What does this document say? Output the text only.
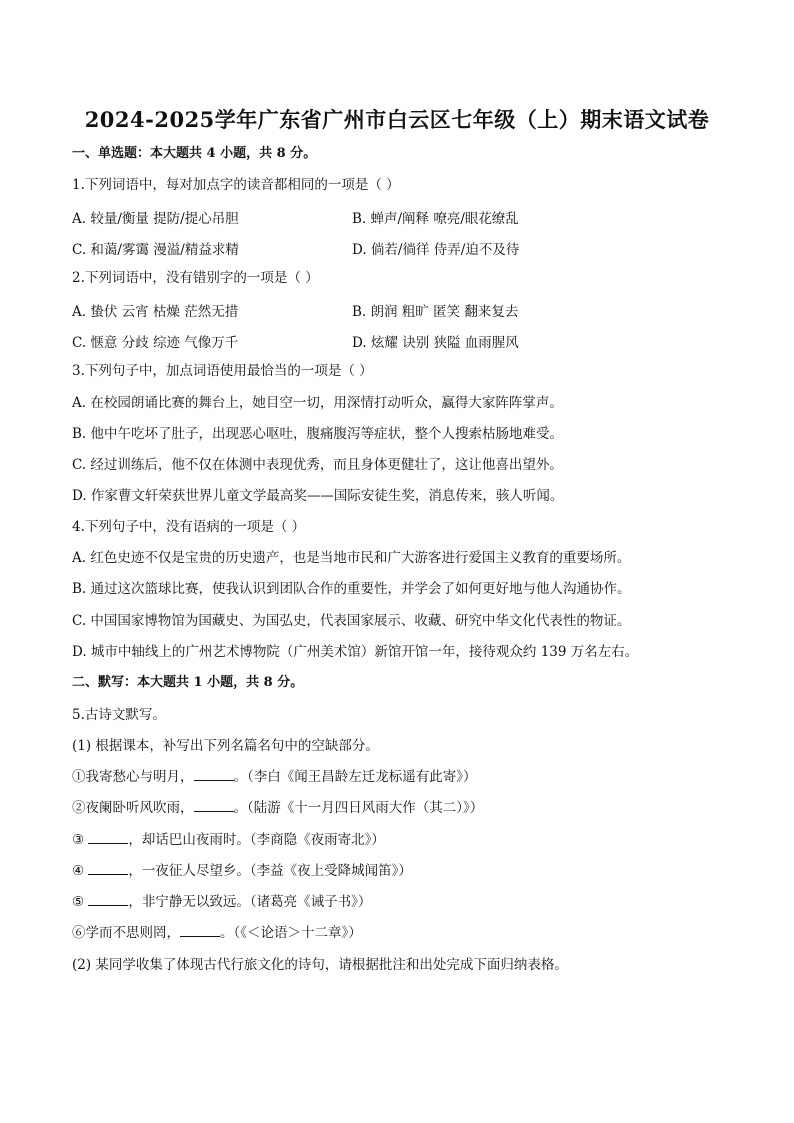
2024-2025学年广东省广州市白云区七年级（上）期末语文试卷
一、单选题：本大题共 4 小题，共 8 分。
1.下列词语中，每对加点字的读音都相同的一项是（ ）
A. 较量/衡量 提防/提心吊胆	B. 蝉声/阐释 嘹亮/眼花缭乱
C. 和蔼/雾霭 漫溢/精益求精	D. 倘若/徜徉 侍弄/迫不及待
2.下列词语中，没有错别字的一项是（ ）
A. 蛰伏 云宵 枯燥 茫然无措	B. 朗润 粗旷 匿笑 翻来复去
C. 惬意 分歧 综迹 气像万千	D. 炫耀 诀别 狭隘 血雨腥风
3.下列句子中，加点词语使用最恰当的一项是（ ）
A. 在校园朗诵比赛的舞台上，她目空一切，用深情打动听众，赢得大家阵阵掌声。
B. 他中午吃坏了肚子，出现恶心呕吐，腹痛腹泻等症状，整个人搜索枯肠地难受。
C. 经过训练后，他不仅在体测中表现优秀，而且身体更健壮了，这让他喜出望外。
D. 作家曹文轩荣获世界儿童文学最高奖——国际安徒生奖，消息传来，骇人听闻。
4.下列句子中，没有语病的一项是（ ）
A. 红色史迹不仅是宝贵的历史遗产，也是当地市民和广大游客进行爱国主义教育的重要场所。
B. 通过这次篮球比赛，使我认识到团队合作的重要性，并学会了如何更好地与他人沟通协作。
C. 中国国家博物馆为国藏史、为国弘史，代表国家展示、收藏、研究中华文化代表性的物证。
D. 城市中轴线上的广州艺术博物院（广州美术馆）新馆开馆一年，接待观众约 139 万名左右。
二、默写：本大题共 1 小题，共 8 分。
5.古诗文默写。
(1) 根据课本，补写出下列名篇名句中的空缺部分。
①我寄愁心与明月，	。（李白《闻王昌龄左迁龙标遥有此寄》）
②夜阑卧听风吹雨，	。（陆游《十一月四日风雨大作（其二）》）
③	，却话巴山夜雨时。（李商隐《夜雨寄北》）
④	，一夜征人尽望乡。（李益《夜上受降城闻笛》）
⑤	，非宁静无以致远。（诸葛亮《诫子书》）
⑥学而不思则罔，	。（《＜论语＞十二章》）
(2) 某同学收集了体现古代行旅文化的诗句，请根据批注和出处完成下面归纳表格。
